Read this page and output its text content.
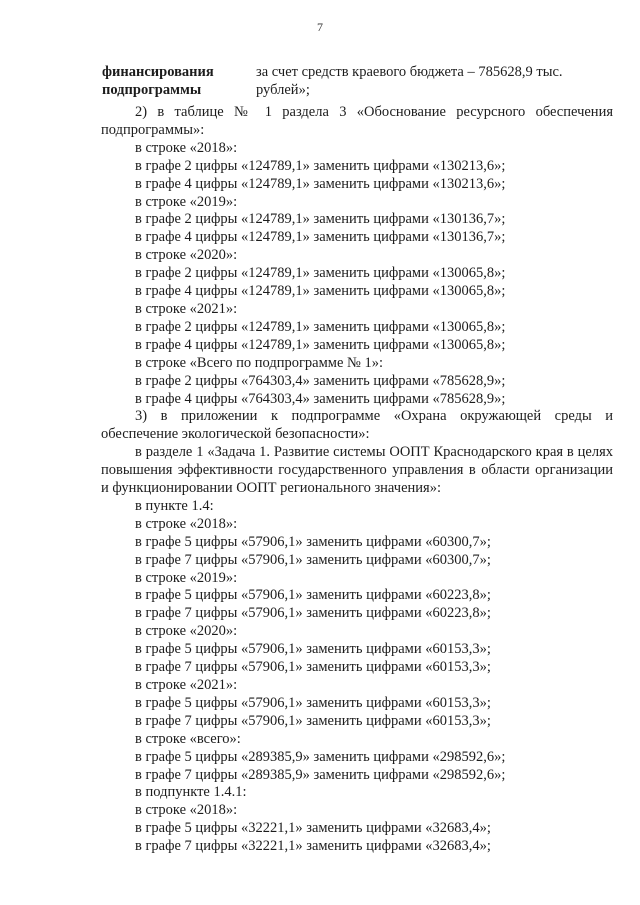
7
финансирования
подпрограммы
за счет средств краевого бюджета – 785628,9 тыс.
рублей»;

2) в таблице № 1 раздела 3 «Обоснование ресурсного обеспечения подпрограммы»:

в строке «2018»:
в графе 2 цифры «124789,1» заменить цифрами «130213,6»;
в графе 4 цифры «124789,1» заменить цифрами «130213,6»;
в строке «2019»:
в графе 2 цифры «124789,1» заменить цифрами «130136,7»;
в графе 4 цифры «124789,1» заменить цифрами «130136,7»;
в строке «2020»:
в графе 2 цифры «124789,1» заменить цифрами «130065,8»;
в графе 4 цифры «124789,1» заменить цифрами «130065,8»;
в строке «2021»:
в графе 2 цифры «124789,1» заменить цифрами «130065,8»;
в графе 4 цифры «124789,1» заменить цифрами «130065,8»;
в строке «Всего по подпрограмме № 1»:
в графе 2 цифры «764303,4» заменить цифрами «785628,9»;
в графе 4 цифры «764303,4» заменить цифрами «785628,9»;

3) в приложении к подпрограмме «Охрана окружающей среды и обеспечение экологической безопасности»:

в разделе 1 «Задача 1. Развитие системы ООПТ Краснодарского края в целях повышения эффективности государственного управления в области организации и функционировании ООПТ регионального значения»:

в пункте 1.4:
в строке «2018»:
в графе 5 цифры «57906,1» заменить цифрами «60300,7»;
в графе 7 цифры «57906,1» заменить цифрами «60300,7»;
в строке «2019»:
в графе 5 цифры «57906,1» заменить цифрами «60223,8»;
в графе 7 цифры «57906,1» заменить цифрами «60223,8»;
в строке «2020»:
в графе 5 цифры «57906,1» заменить цифрами «60153,3»;
в графе 7 цифры «57906,1» заменить цифрами «60153,3»;
в строке «2021»:
в графе 5 цифры «57906,1» заменить цифрами «60153,3»;
в графе 7 цифры «57906,1» заменить цифрами «60153,3»;
в строке «всего»:
в графе 5 цифры «289385,9» заменить цифрами «298592,6»;
в графе 7 цифры «289385,9» заменить цифрами «298592,6»;
в подпункте 1.4.1:
в строке «2018»:
в графе 5 цифры «32221,1» заменить цифрами «32683,4»;
в графе 7 цифры «32221,1» заменить цифрами «32683,4»;
